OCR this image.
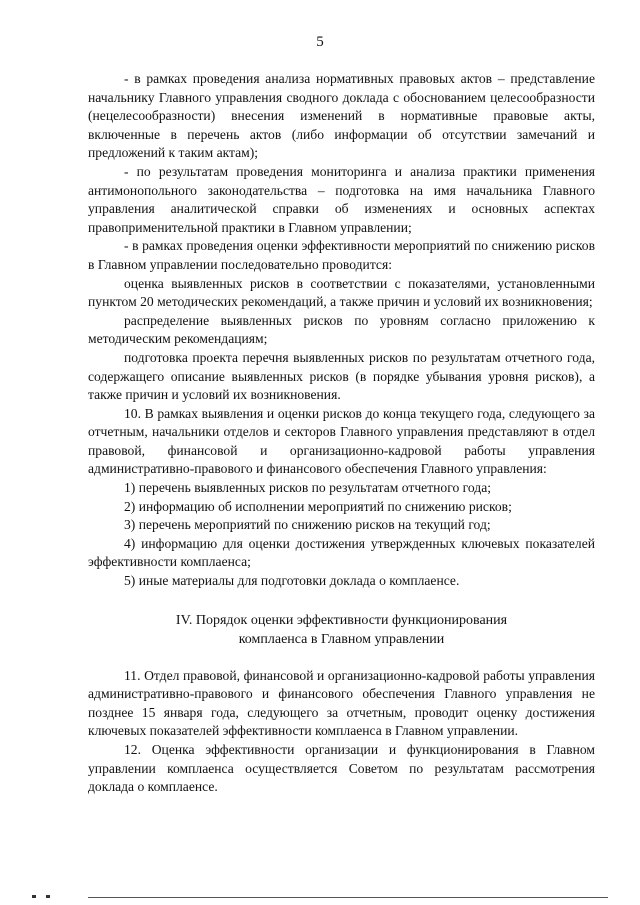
5

- в рамках проведения анализа нормативных правовых актов – представление начальнику Главного управления сводного доклада с обоснованием целесообразности (нецелесообразности) внесения изменений в нормативные правовые акты, включенные в перечень актов (либо информации об отсутствии замечаний и предложений к таким актам);

- по результатам проведения мониторинга и анализа практики применения антимонопольного законодательства – подготовка на имя начальника Главного управления аналитической справки об изменениях и основных аспектах правоприменительной практики в Главном управлении;

- в рамках проведения оценки эффективности мероприятий по снижению рисков в Главном управлении последовательно проводится:

оценка выявленных рисков в соответствии с показателями, установленными пунктом 20 методических рекомендаций, а также причин и условий их возникновения;

распределение выявленных рисков по уровням согласно приложению к методическим рекомендациям;

подготовка проекта перечня выявленных рисков по результатам отчетного года, содержащего описание выявленных рисков (в порядке убывания уровня рисков), а также причин и условий их возникновения.

10. В рамках выявления и оценки рисков до конца текущего года, следующего за отчетным, начальники отделов и секторов Главного управления представляют в отдел правовой, финансовой и организационно-кадровой работы управления административно-правового и финансового обеспечения Главного управления:

1) перечень выявленных рисков по результатам отчетного года;

2) информацию об исполнении мероприятий по снижению рисков;

3) перечень мероприятий по снижению рисков на текущий год;

4) информацию для оценки достижения утвержденных ключевых показателей эффективности комплаенса;

5) иные материалы для подготовки доклада о комплаенсе.

IV. Порядок оценки эффективности функционирования
комплаенса в Главном управлении

11. Отдел правовой, финансовой и организационно-кадровой работы управления административно-правового и финансового обеспечения Главного управления не позднее 15 января года, следующего за отчетным, проводит оценку достижения ключевых показателей эффективности комплаенса в Главном управлении.

12. Оценка эффективности организации и функционирования в Главном управлении комплаенса осуществляется Советом по результатам рассмотрения доклада о комплаенсе.
